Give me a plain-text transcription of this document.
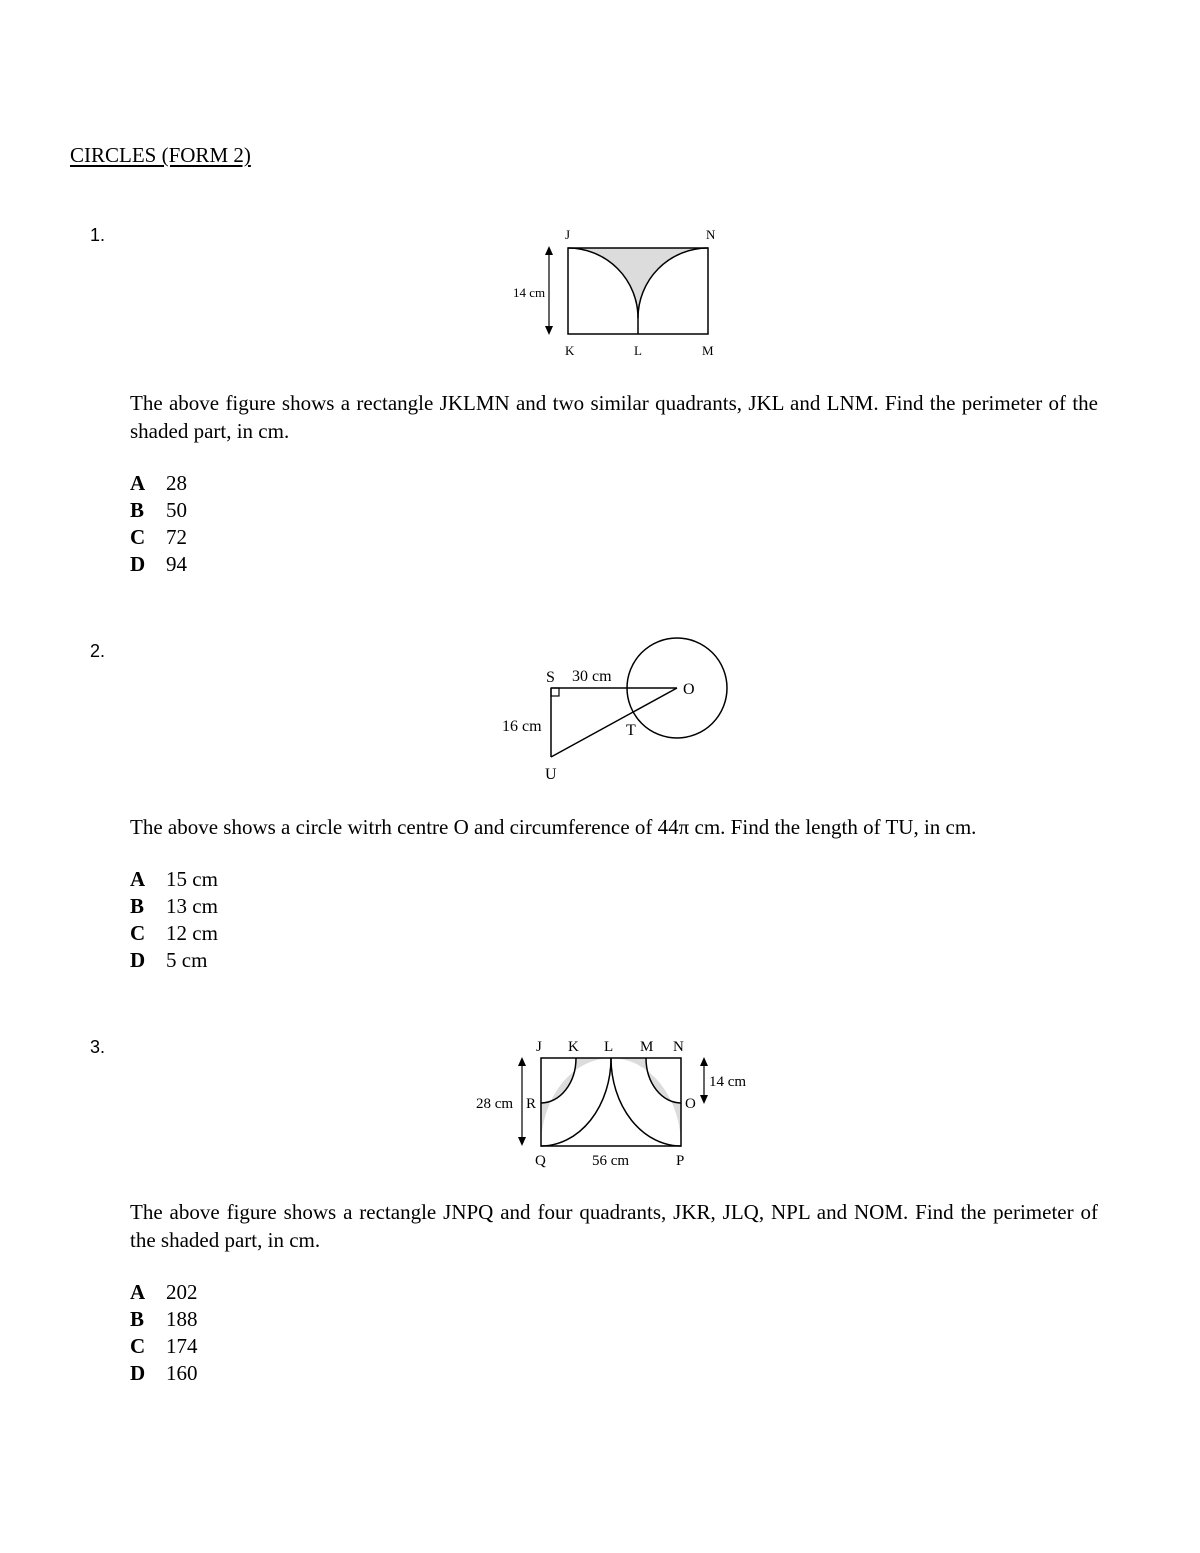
CIRCLES (FORM 2)
1.
14 cm
J	N
K	L	M
The above figure shows a rectangle JKLMN and two similar quadrants, JKL and LNM. Find the perimeter of the shaded part, in cm.
A 28
B 50
C 72
D 94
2.
S 30 cm
O
16 cm	T
U
The above shows a circle witrh centre O and circumference of 44π cm. Find the length of TU, in cm.
A 15 cm
B 13 cm
C 12 cm
D 5 cm
3.	J K L M N
28 cm R	O
14 cm
Q	56 cm	P
The above figure shows a rectangle JNPQ and four quadrants, JKR, JLQ, NPL and NOM. Find the perimeter of the shaded part, in cm.
A 202
B 188
C 174
D 160
